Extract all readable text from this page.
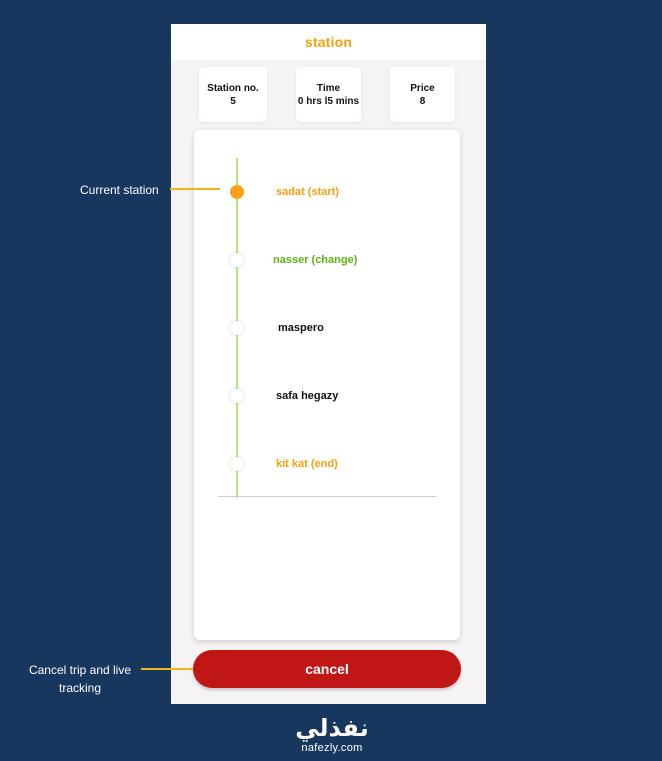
station
Station no.
5
Time
0 hrs l5 mins
Price
8
sadat (start)
nasser (change)
maspero
safa hegazy
kit kat (end)
cancel
Current station
Cancel trip and live
tracking
نفذلي
nafezly.com
